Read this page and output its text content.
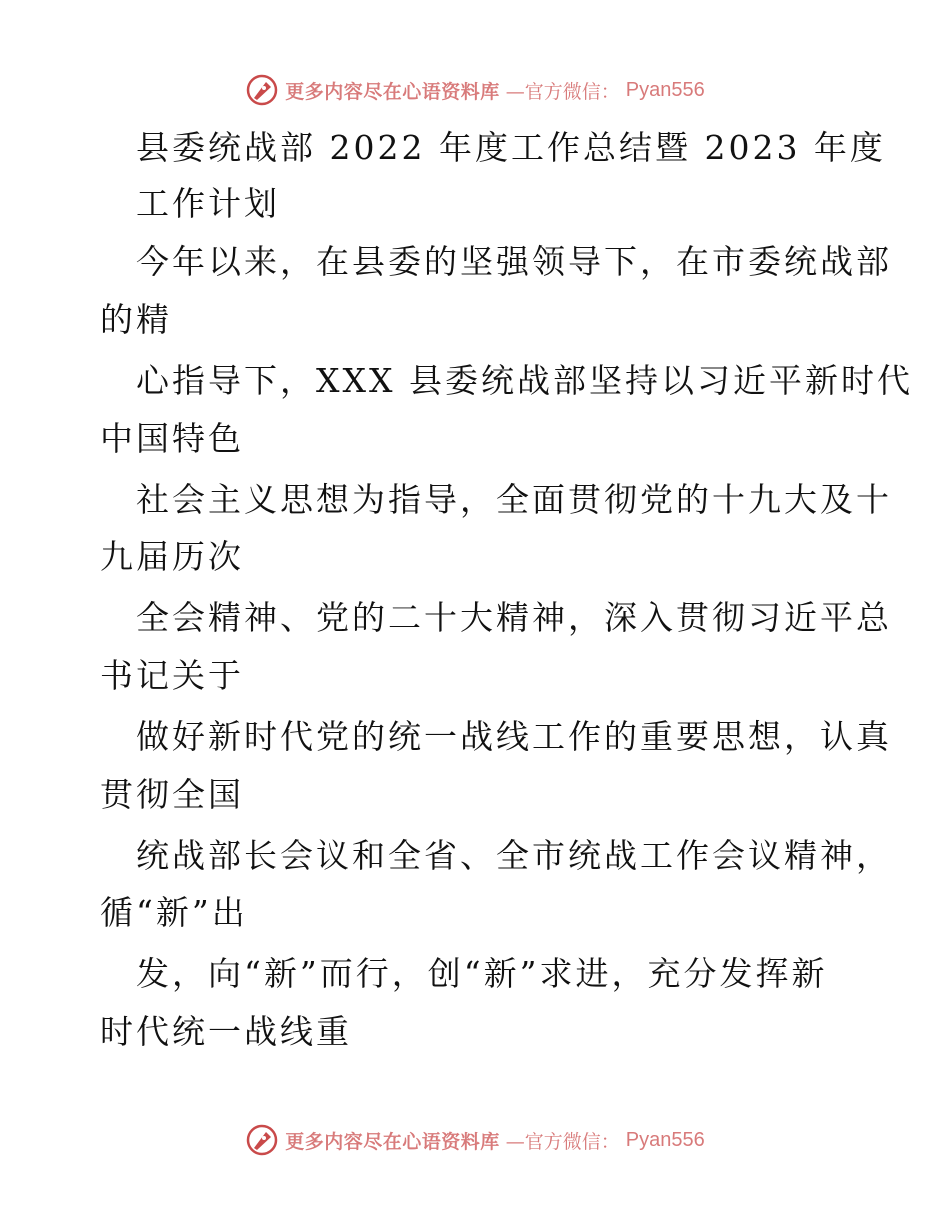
更多内容尽在心语资料库 —官方微信： Pyan556
县委统战部 2022 年度工作总结暨 2023 年度
工作计划
今年以来，在县委的坚强领导下，在市委统战部
的精
心指导下，XXX 县委统战部坚持以习近平新时代
中国特色
社会主义思想为指导，全面贯彻党的十九大及十
九届历次
全会精神、党的二十大精神，深入贯彻习近平总
书记关于
做好新时代党的统一战线工作的重要思想，认真
贯彻全国
统战部长会议和全省、全市统战工作会议精神，
循“新”出
发，向“新”而行，创“新”求进，充分发挥新
时代统一战线重
更多内容尽在心语资料库 —官方微信： Pyan556
